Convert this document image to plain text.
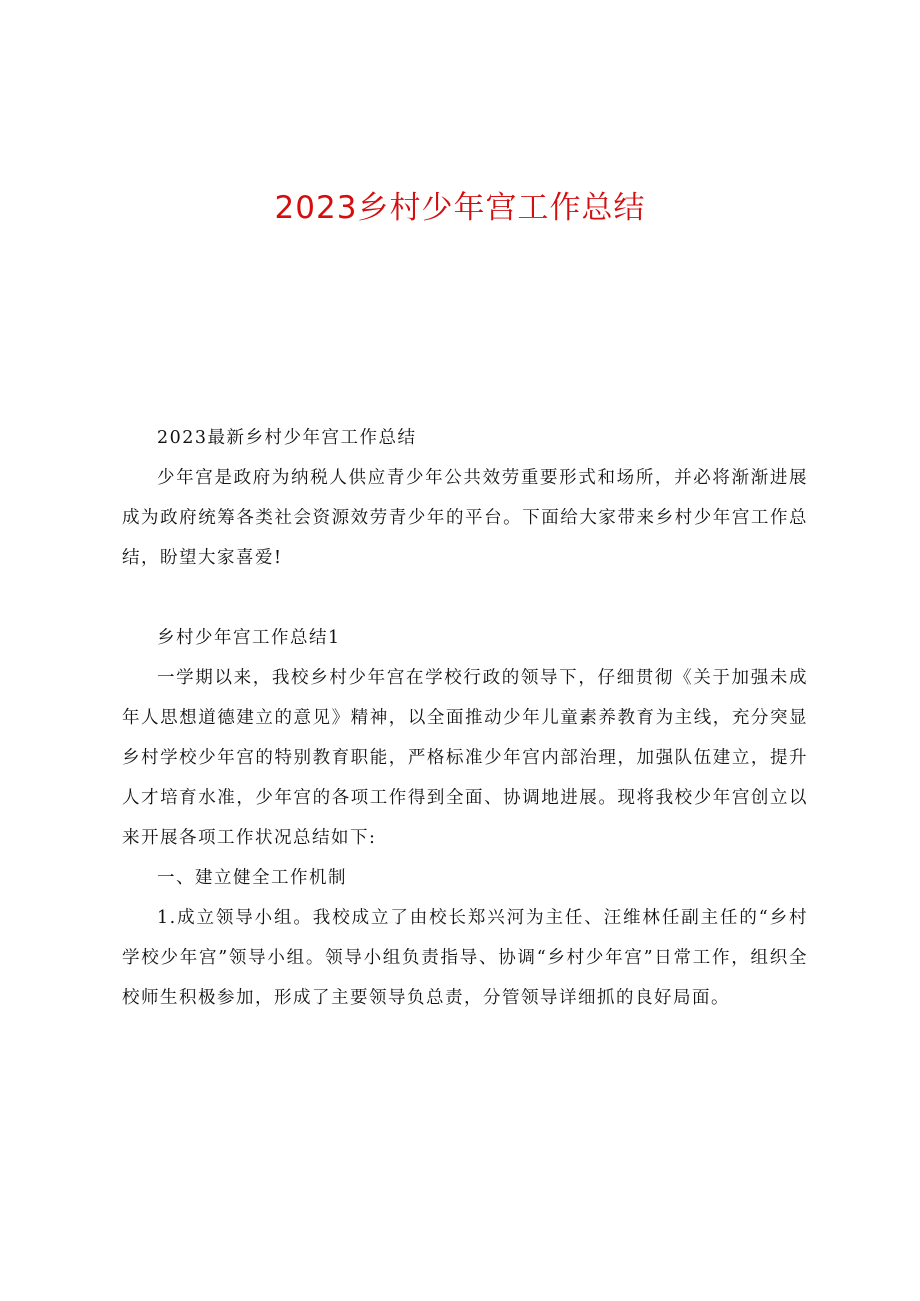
2023乡村少年宫工作总结

2023最新乡村少年宫工作总结

少年宫是政府为纳税人供应青少年公共效劳重要形式和场所，并必将渐渐进展成为政府统筹各类社会资源效劳青少年的平台。下面给大家带来乡村少年宫工作总结，盼望大家喜爱!

乡村少年宫工作总结1

一学期以来，我校乡村少年宫在学校行政的领导下，仔细贯彻《关于加强未成年人思想道德建立的意见》精神，以全面推动少年儿童素养教育为主线，充分突显乡村学校少年宫的特别教育职能，严格标准少年宫内部治理，加强队伍建立，提升人才培育水准，少年宫的各项工作得到全面、协调地进展。现将我校少年宫创立以来开展各项工作状况总结如下:

一、建立健全工作机制

1.成立领导小组。我校成立了由校长郑兴河为主任、汪维林任副主任的“乡村学校少年宫”领导小组。领导小组负责指导、协调“乡村少年宫”日常工作，组织全校师生积极参加，形成了主要领导负总责，分管领导详细抓的良好局面。
